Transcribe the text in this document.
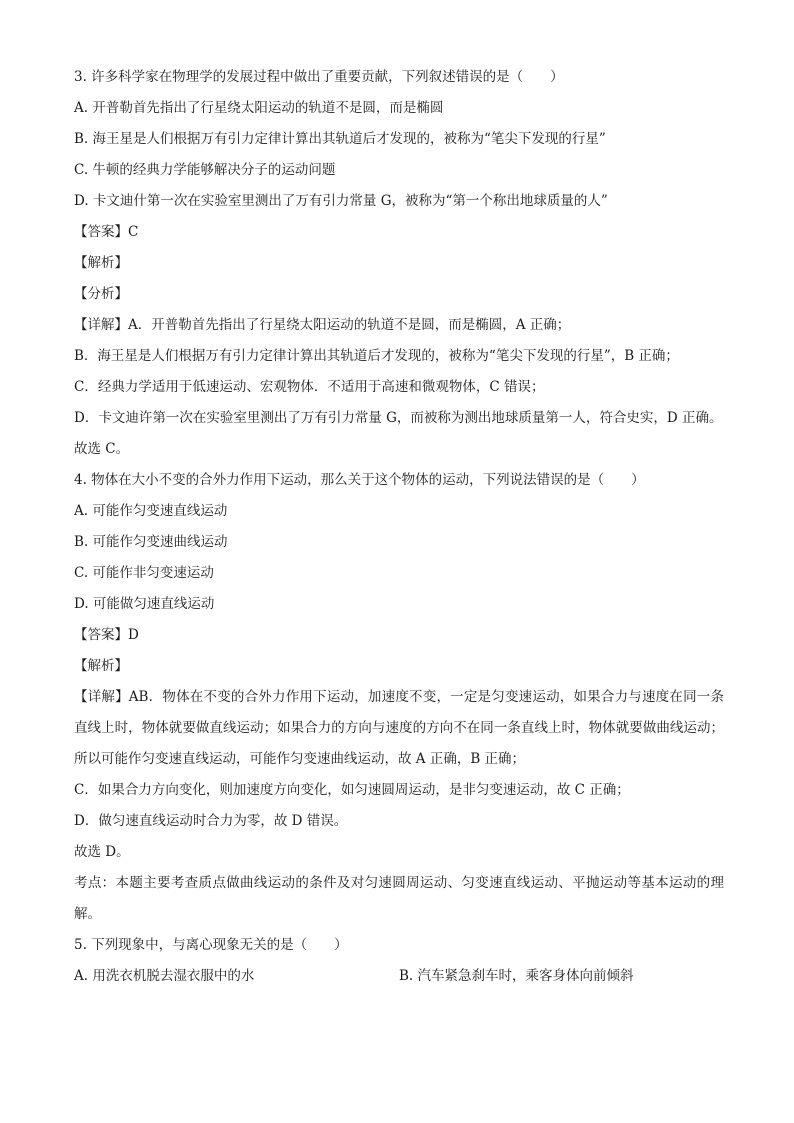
3. 许多科学家在物理学的发展过程中做出了重要贡献，下列叙述错误的是（　　）
A. 开普勒首先指出了行星绕太阳运动的轨道不是圆，而是椭圆
B. 海王星是人们根据万有引力定律计算出其轨道后才发现的，被称为“笔尖下发现的行星”
C. 牛顿的经典力学能够解决分子的运动问题
D. 卡文迪什第一次在实验室里测出了万有引力常量 G，被称为“第一个称出地球质量的人”
【答案】C
【解析】
【分析】
【详解】A．开普勒首先指出了行星绕太阳运动的轨道不是圆，而是椭圆，A 正确；
B．海王星是人们根据万有引力定律计算出其轨道后才发现的，被称为“笔尖下发现的行星”，B 正确；
C．经典力学适用于低速运动、宏观物体．不适用于高速和微观物体，C 错误；
D．卡文迪许第一次在实验室里测出了万有引力常量 G，而被称为测出地球质量第一人，符合史实，D 正确。
故选 C。
4. 物体在大小不变的合外力作用下运动，那么关于这个物体的运动，下列说法错误的是（　　）
A. 可能作匀变速直线运动
B. 可能作匀变速曲线运动
C. 可能作非匀变速运动
D. 可能做匀速直线运动
【答案】D
【解析】
【详解】AB．物体在不变的合外力作用下运动，加速度不变，一定是匀变速运动，如果合力与速度在同一条直线上时，物体就要做直线运动；如果合力的方向与速度的方向不在同一条直线上时，物体就要做曲线运动；所以可能作匀变速直线运动，可能作匀变速曲线运动，故 A 正确，B 正确；
C．如果合力方向变化，则加速度方向变化，如匀速圆周运动，是非匀变速运动，故 C 正确；
D．做匀速直线运动时合力为零，故 D 错误。
故选 D。
考点：本题主要考查质点做曲线运动的条件及对匀速圆周运动、匀变速直线运动、平抛运动等基本运动的理解。
5. 下列现象中，与离心现象无关的是（　　）
A. 用洗衣机脱去湿衣服中的水	B. 汽车紧急刹车时，乘客身体向前倾斜
